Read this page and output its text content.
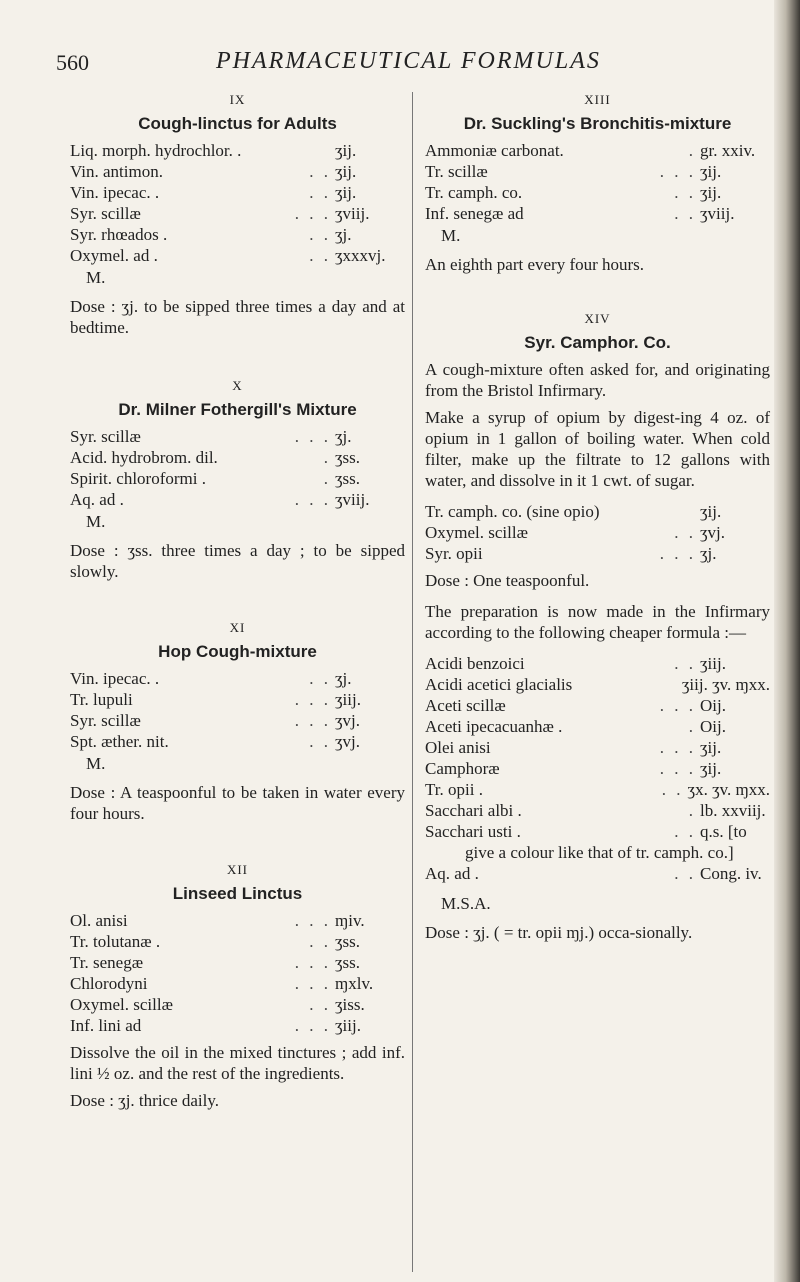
560	PHARMACEUTICAL FORMULAS
IX
Cough-linctus for Adults
Liq. morph. hydrochlor. .	ʒij.
Vin. antimon.	. . ʒij.
Vin. ipecac. .	. . ʒij.
Syr. scillæ	. . . ʒviij.
Syr. rhœados .	. . ʒj.
Oxymel. ad .	. . ʒxxxvj.
M.
Dose : ʒj. to be sipped three times a day and at bedtime.
X
Dr. Milner Fothergill's Mixture
Syr. scillæ	. . . ʒj.
Acid. hydrobrom. dil.	. ʒss.
Spirit. chloroformi .	. ʒss.
Aq. ad .	. . . ʒviij.
M.
Dose : ʒss. three times a day ; to be sipped slowly.
XI
Hop Cough-mixture
Vin. ipecac. .	. . ʒj.
Tr. lupuli	. . . ʒiij.
Syr. scillæ	. . . ʒvj.
Spt. æther. nit.	. . ʒvj.
M.
Dose : A teaspoonful to be taken in water every four hours.
XII
Linseed Linctus
Ol. anisi	. . . ɱiv.
Tr. tolutanæ .	. . ʒss.
Tr. senegæ	. . . ʒss.
Chlorodyni	. . . ɱxlv.
Oxymel. scillæ	. . ʒiss.
Inf. lini ad	. . . ʒiij.
Dissolve the oil in the mixed tinctures ; add inf. lini ½ oz. and the rest of the ingredients.
Dose : ʒj. thrice daily.
XIII
Dr. Suckling's Bronchitis-mixture
Ammoniæ carbonat.	. gr. xxiv.
Tr. scillæ	. . . ʒij.
Tr. camph. co.	. . ʒij.
Inf. senegæ ad	. . ʒviij.
M.
An eighth part every four hours.
XIV
Syr. Camphor. Co.
A cough-mixture often asked for, and originating from the Bristol Infirmary.
Make a syrup of opium by digest-ing 4 oz. of opium in 1 gallon of boiling water. When cold filter, make up the filtrate to 12 gallons with water, and dissolve in it 1 cwt. of sugar.
Tr. camph. co. (sine opio)	ʒij.
Oxymel. scillæ	. . ʒvj.
Syr. opii	. . . ʒj.
Dose : One teaspoonful.
The preparation is now made in the Infirmary according to the following cheaper formula :—
Acidi benzoici	. . ʒiij.
Acidi acetici glacialis	ʒiij. ʒv. ɱxx.
Aceti scillæ	. . . Oij.
Aceti ipecacuanhæ .	. Oij.
Olei anisi	. . . ʒij.
Camphoræ	. . . ʒij.
Tr. opii .	. . ʒx. ʒv. ɱxx.
Sacchari albi .	. lb. xxviij.
Sacchari usti .	. . q.s. [to
give a colour like that of tr. camph. co.]
Aq. ad .	. . Cong. iv.
M.S.A.
Dose : ʒj. ( = tr. opii ɱj.) occa-sionally.
